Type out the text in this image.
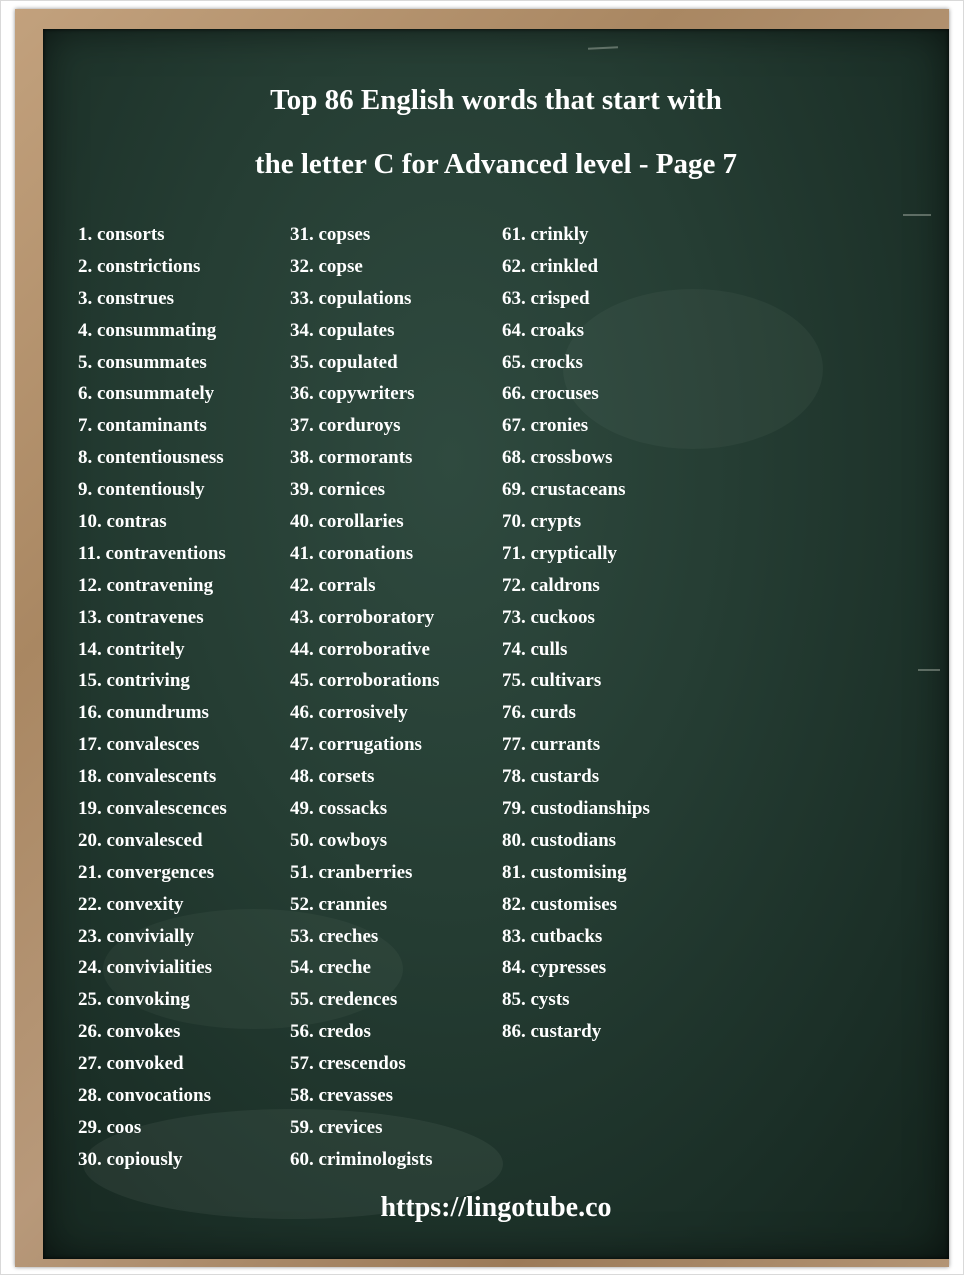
Top 86 English words that start with
the letter C for Advanced level - Page 7
1. consorts
2. constrictions
3. construes
4. consummating
5. consummates
6. consummately
7. contaminants
8. contentiousness
9. contentiously
10. contras
11. contraventions
12. contravening
13. contravenes
14. contritely
15. contriving
16. conundrums
17. convalesces
18. convalescents
19. convalescences
20. convalesced
21. convergences
22. convexity
23. convivially
24. convivialities
25. convoking
26. convokes
27. convoked
28. convocations
29. coos
30. copiously
31. copses
32. copse
33. copulations
34. copulates
35. copulated
36. copywriters
37. corduroys
38. cormorants
39. cornices
40. corollaries
41. coronations
42. corrals
43. corroboratory
44. corroborative
45. corroborations
46. corrosively
47. corrugations
48. corsets
49. cossacks
50. cowboys
51. cranberries
52. crannies
53. creches
54. creche
55. credences
56. credos
57. crescendos
58. crevasses
59. crevices
60. criminologists
61. crinkly
62. crinkled
63. crisped
64. croaks
65. crocks
66. crocuses
67. cronies
68. crossbows
69. crustaceans
70. crypts
71. cryptically
72. caldrons
73. cuckoos
74. culls
75. cultivars
76. curds
77. currants
78. custards
79. custodianships
80. custodians
81. customising
82. customises
83. cutbacks
84. cypresses
85. cysts
86. custardy
https://lingotube.co
